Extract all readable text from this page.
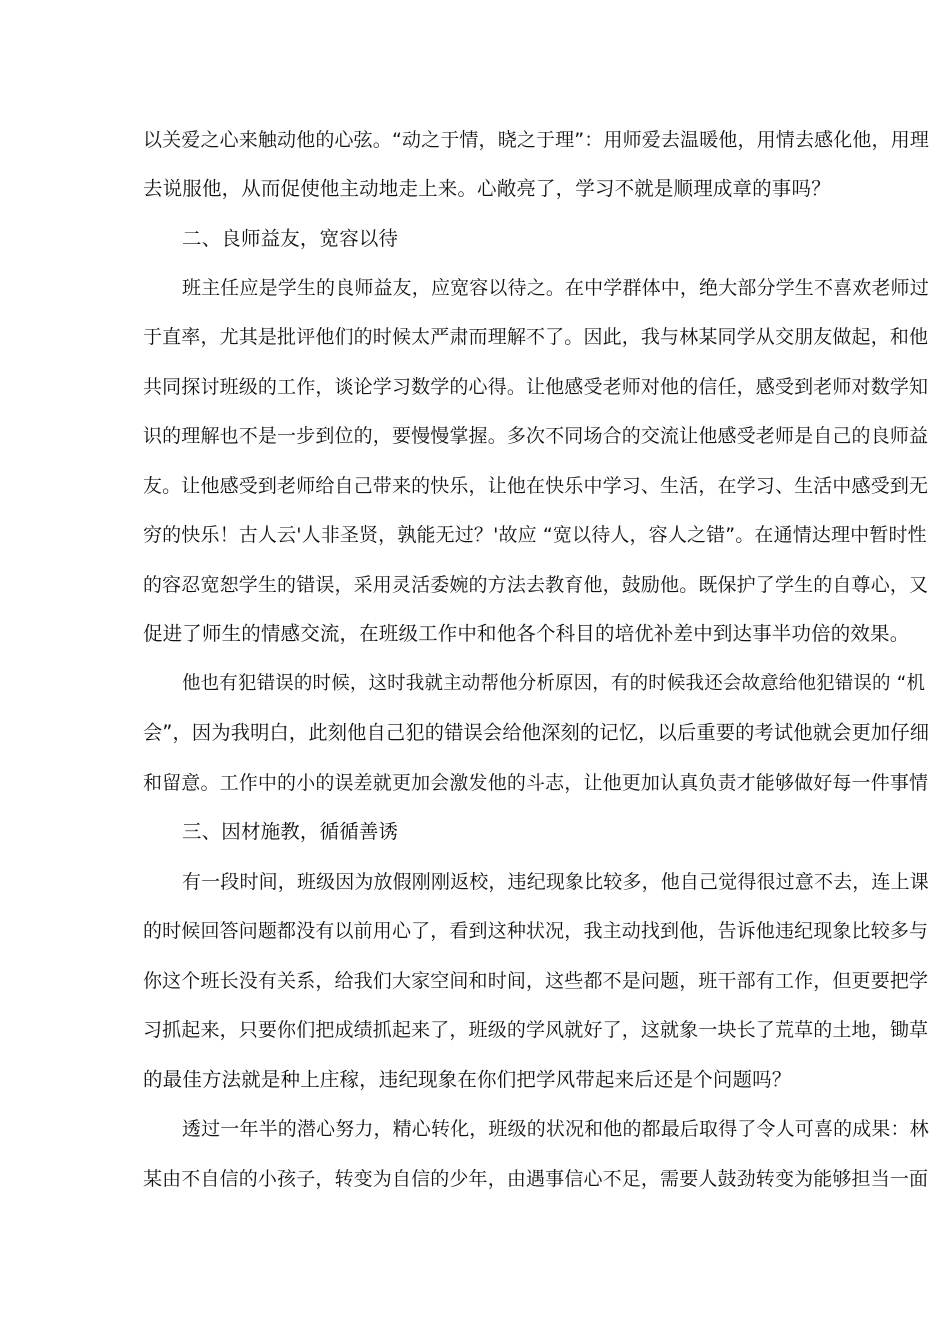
以关爱之心来触动他的心弦。“动之于情，晓之于理”：用师爱去温暖他，用情去感化他，用理
去说服他，从而促使他主动地走上来。心敞亮了，学习不就是顺理成章的事吗？
二、良师益友，宽容以待
班主任应是学生的良师益友，应宽容以待之。在中学群体中，绝大部分学生不喜欢老师过
于直率，尤其是批评他们的时候太严肃而理解不了。因此，我与林某同学从交朋友做起，和他
共同探讨班级的工作，谈论学习数学的心得。让他感受老师对他的信任，感受到老师对数学知
识的理解也不是一步到位的，要慢慢掌握。多次不同场合的交流让他感受老师是自己的良师益
友。让他感受到老师给自己带来的快乐，让他在快乐中学习、生活，在学习、生活中感受到无
穷的快乐！古人云'人非圣贤，孰能无过？'故应 “宽以待人，容人之错”。在通情达理中暂时性
的容忍宽恕学生的错误，采用灵活委婉的方法去教育他，鼓励他。既保护了学生的自尊心，又
促进了师生的情感交流，在班级工作中和他各个科目的培优补差中到达事半功倍的效果。
他也有犯错误的时候，这时我就主动帮他分析原因，有的时候我还会故意给他犯错误的 “机
会”，因为我明白，此刻他自己犯的错误会给他深刻的记忆，以后重要的考试他就会更加仔细
和留意。工作中的小的误差就更加会激发他的斗志，让他更加认真负责才能够做好每一件事情
三、因材施教，循循善诱
有一段时间，班级因为放假刚刚返校，违纪现象比较多，他自己觉得很过意不去，连上课
的时候回答问题都没有以前用心了，看到这种状况，我主动找到他，告诉他违纪现象比较多与
你这个班长没有关系，给我们大家空间和时间，这些都不是问题，班干部有工作，但更要把学
习抓起来，只要你们把成绩抓起来了，班级的学风就好了，这就象一块长了荒草的土地，锄草
的最佳方法就是种上庄稼，违纪现象在你们把学风带起来后还是个问题吗？
透过一年半的潜心努力，精心转化，班级的状况和他的都最后取得了令人可喜的成果：林
某由不自信的小孩子，转变为自信的少年，由遇事信心不足，需要人鼓劲转变为能够担当一面
